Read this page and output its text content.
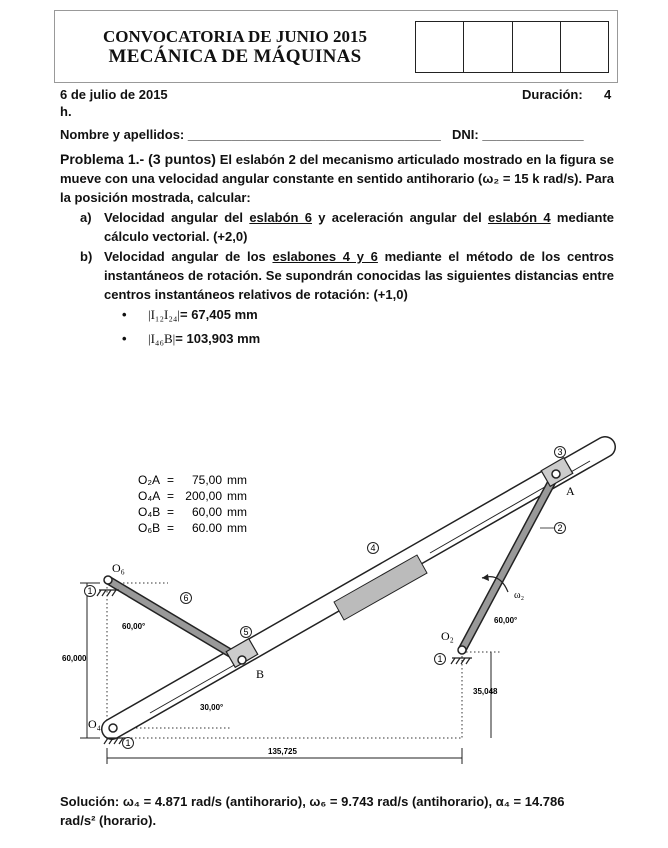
CONVOCATORIA DE JUNIO 2015
MECÁNICA DE MÁQUINAS
6 de julio de 2015	Duración: 4
h.
Nombre y apellidos: ___________________________________ DNI: ______________
Problema 1.- (3 puntos) El eslabón 2 del mecanismo articulado mostrado en la figura se mueve con una velocidad angular constante en sentido antihorario (ω₂ = 15 k rad/s). Para la posición mostrada, calcular:
a) Velocidad angular del eslabón 6 y aceleración angular del eslabón 4 mediante cálculo vectorial. (+2,0)
b) Velocidad angular de los eslabones 4 y 6 mediante el método de los centros instantáneos de rotación. Se supondrán conocidas las siguientes distancias entre centros instantáneos relativos de rotación: (+1,0)
•	|I₁₂I₂₄| = 67,405 mm
•	|I₄₆B| = 103,903 mm
O₂A = 75,00 mm
O₄A = 200,00 mm
O₄B = 60,00 mm
O₆B = 60.00 mm
1
1
1
2
3
4
5
6
O₆
O₄
O₂
A
B
ω₂
60,00°
60,00°
30,00°
60,000
135,725
35,048
Solución: ω₄ = 4.871 rad/s (antihorario), ω₆ = 9.743 rad/s (antihorario), α₄ = 14.786
rad/s² (horario).
